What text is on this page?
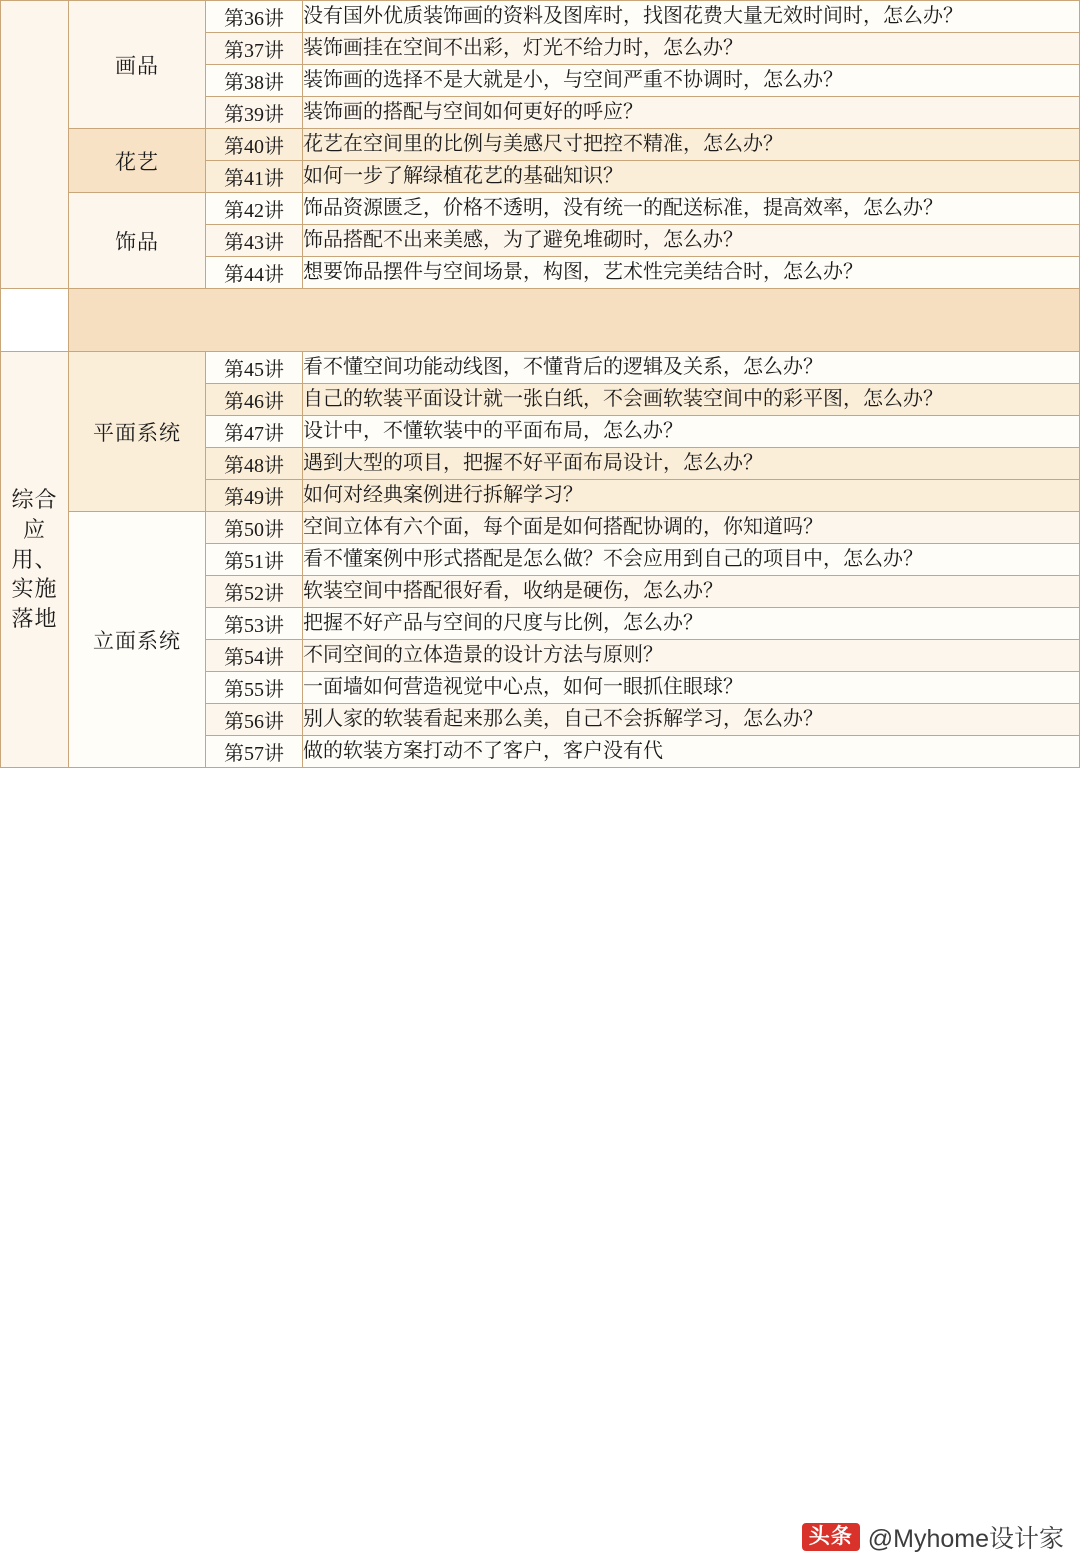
	画品	第36讲	没有国外优质装饰画的资料及图库时，找图花费大量无效时间时，怎么办？
		第37讲	装饰画挂在空间不出彩，灯光不给力时，怎么办？
		第38讲	装饰画的选择不是大就是小，与空间严重不协调时，怎么办？
		第39讲	装饰画的搭配与空间如何更好的呼应？
	花艺	第40讲	花艺在空间里的比例与美感尺寸把控不精准，怎么办？
		第41讲	如何一步了解绿植花艺的基础知识？
	饰品	第42讲	饰品资源匮乏，价格不透明，没有统一的配送标准，提高效率，怎么办？
		第43讲	饰品搭配不出来美感，为了避免堆砌时，怎么办？
		第44讲	想要饰品摆件与空间场景，构图，艺术性完美结合时，怎么办？

综合应用、实施落地	平面系统	第45讲	看不懂空间功能动线图，不懂背后的逻辑及关系，怎么办？
		第46讲	自己的软装平面设计就一张白纸，不会画软装空间中的彩平图，怎么办？
		第47讲	设计中，不懂软装中的平面布局，怎么办？
		第48讲	遇到大型的项目，把握不好平面布局设计，怎么办？
		第49讲	如何对经典案例进行拆解学习？
	立面系统	第50讲	空间立体有六个面，每个面是如何搭配协调的，你知道吗？
		第51讲	看不懂案例中形式搭配是怎么做？不会应用到自己的项目中，怎么办？
		第52讲	软装空间中搭配很好看，收纳是硬伤，怎么办？
		第53讲	把握不好产品与空间的尺度与比例，怎么办？
		第54讲	不同空间的立体造景的设计方法与原则？
		第55讲	一面墙如何营造视觉中心点，如何一眼抓住眼球？
		第56讲	别人家的软装看起来那么美，自己不会拆解学习，怎么办？
		第57讲	做的软装方案打动不了客户，客户没有代
头条 @Myhome设计家
